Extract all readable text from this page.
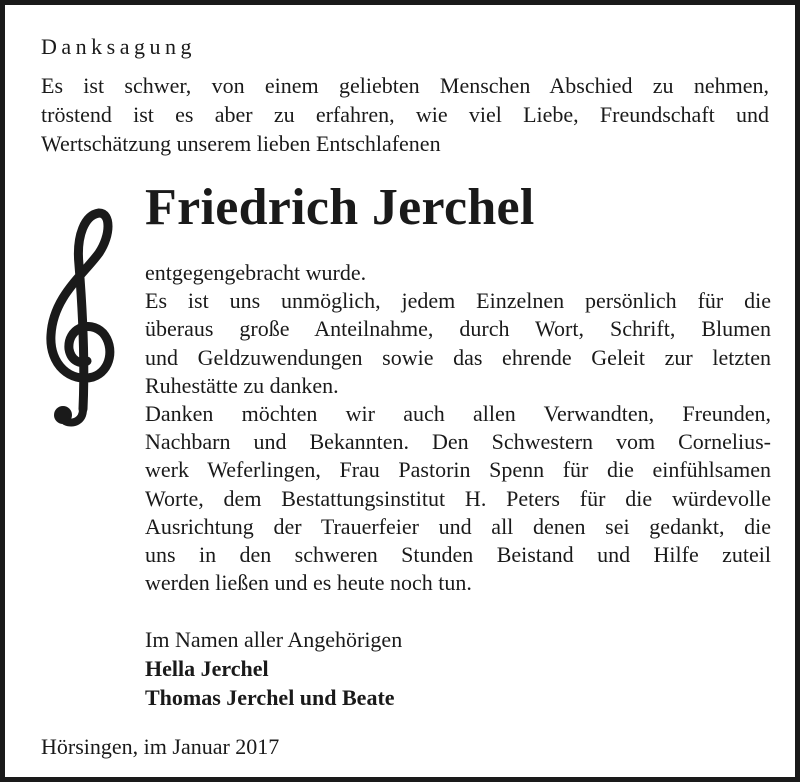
Danksagung
Es ist schwer, von einem geliebten Menschen Abschied zu nehmen,
tröstend ist es aber zu erfahren, wie viel Liebe, Freundschaft und
Wertschätzung unserem lieben Entschlafenen
Friedrich Jerchel
entgegengebracht wurde.
Es ist uns unmöglich, jedem Einzelnen persönlich für die
überaus große Anteilnahme, durch Wort, Schrift, Blumen
und Geldzuwendungen sowie das ehrende Geleit zur letzten
Ruhestätte zu danken.
Danken möchten wir auch allen Verwandten, Freunden,
Nachbarn und Bekannten. Den Schwestern vom Cornelius-
werk Weferlingen, Frau Pastorin Spenn für die einfühlsamen
Worte, dem Bestattungsinstitut H. Peters für die würdevolle
Ausrichtung der Trauerfeier und all denen sei gedankt, die
uns in den schweren Stunden Beistand und Hilfe zuteil
werden ließen und es heute noch tun.
Im Namen aller Angehörigen
Hella Jerchel
Thomas Jerchel und Beate
Hörsingen, im Januar 2017
